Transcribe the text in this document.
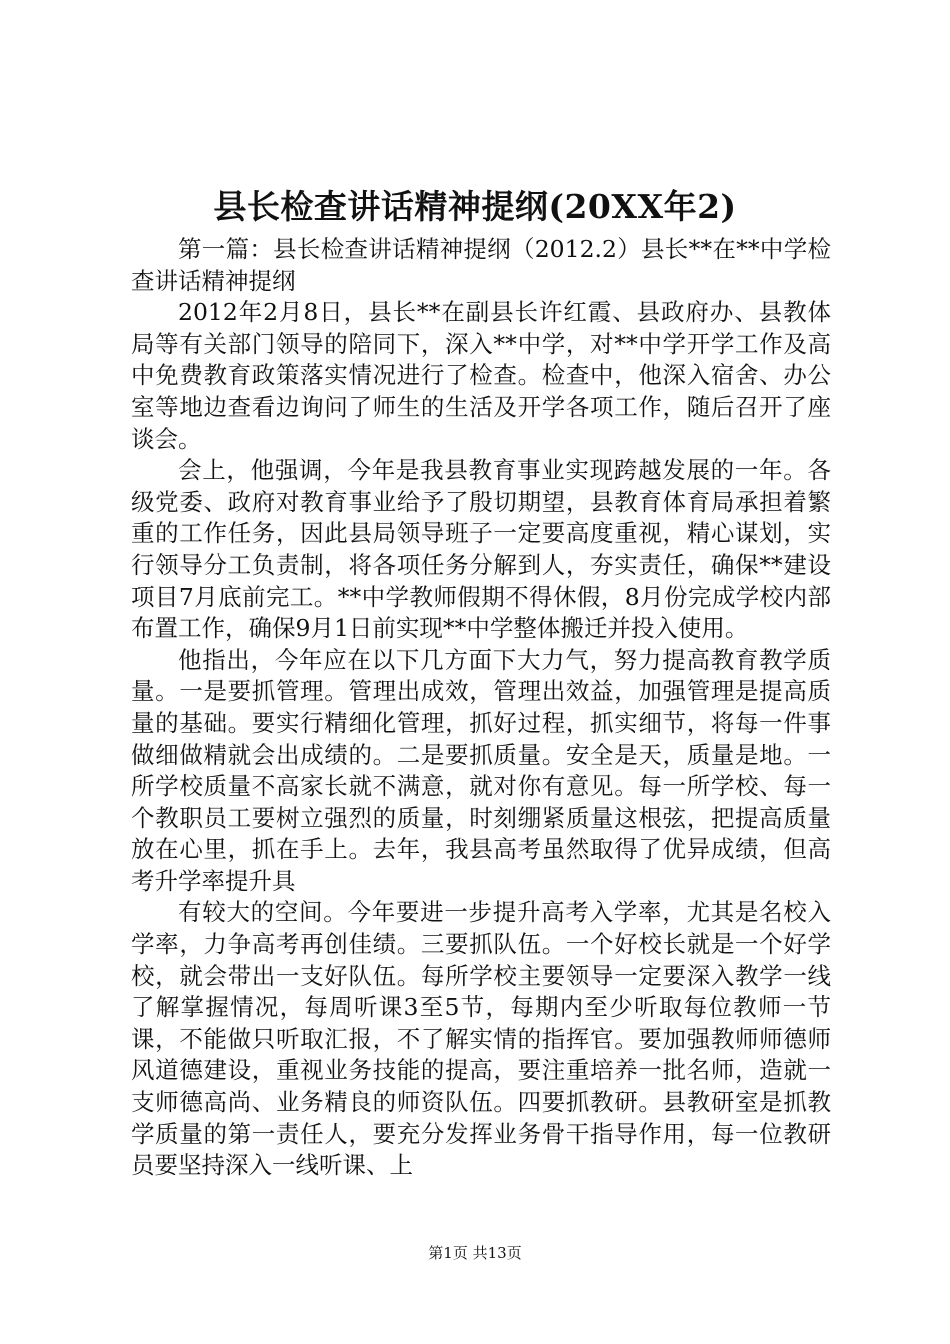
县长检查讲话精神提纲(20XX年2)

第一篇：县长检查讲话精神提纲（2012.2）县长**在**中学检查讲话精神提纲

2012年2月8日，县长**在副县长许红霞、县政府办、县教体局等有关部门领导的陪同下，深入**中学，对**中学开学工作及高中免费教育政策落实情况进行了检查。检查中，他深入宿舍、办公室等地边查看边询问了师生的生活及开学各项工作，随后召开了座谈会。

会上，他强调，今年是我县教育事业实现跨越发展的一年。各级党委、政府对教育事业给予了殷切期望，县教育体育局承担着繁重的工作任务，因此县局领导班子一定要高度重视，精心谋划，实行领导分工负责制，将各项任务分解到人，夯实责任，确保**建设项目7月底前完工。**中学教师假期不得休假，8月份完成学校内部布置工作，确保9月1日前实现**中学整体搬迁并投入使用。

他指出，今年应在以下几方面下大力气，努力提高教育教学质量。一是要抓管理。管理出成效，管理出效益，加强管理是提高质量的基础。要实行精细化管理，抓好过程，抓实细节，将每一件事做细做精就会出成绩的。二是要抓质量。安全是天，质量是地。一所学校质量不高家长就不满意，就对你有意见。每一所学校、每一个教职员工要树立强烈的质量，时刻绷紧质量这根弦，把提高质量放在心里，抓在手上。去年，我县高考虽然取得了优异成绩，但高考升学率提升具

有较大的空间。今年要进一步提升高考入学率，尤其是名校入学率，力争高考再创佳绩。三要抓队伍。一个好校长就是一个好学校，就会带出一支好队伍。每所学校主要领导一定要深入教学一线了解掌握情况，每周听课3至5节，每期内至少听取每位教师一节课，不能做只听取汇报，不了解实情的指挥官。要加强教师师德师风道德建设，重视业务技能的提高，要注重培养一批名师，造就一支师德高尚、业务精良的师资队伍。四要抓教研。县教研室是抓教学质量的第一责任人，要充分发挥业务骨干指导作用，每一位教研员要坚持深入一线听课、上

第1页 共13页
